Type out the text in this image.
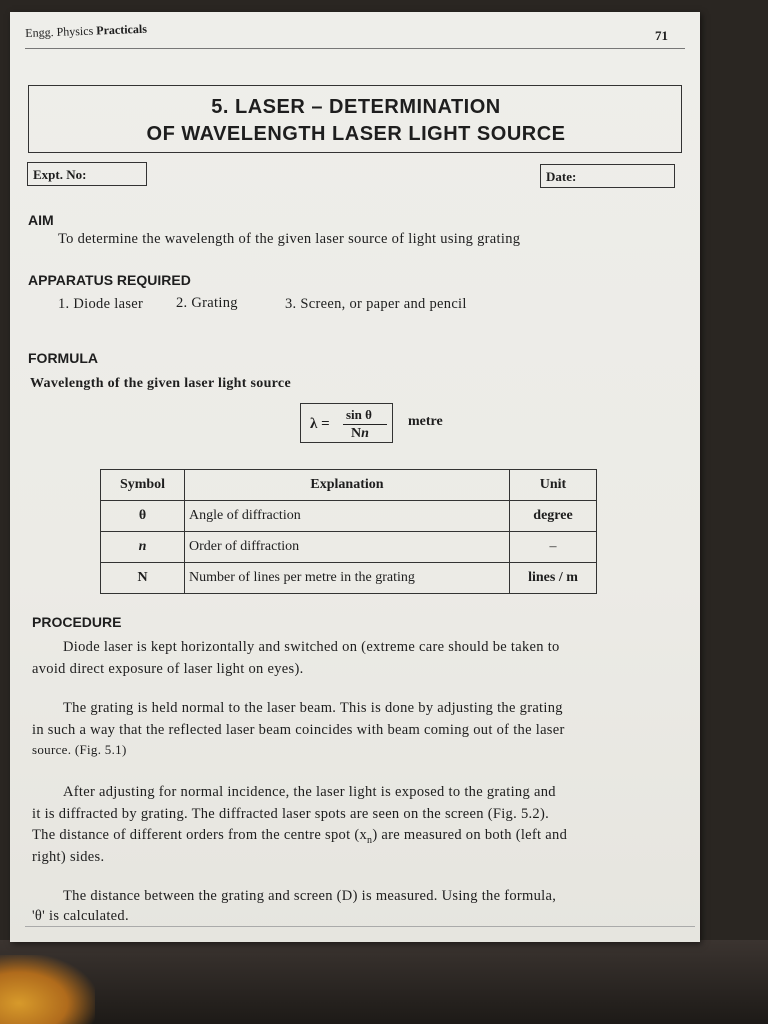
Engg. Physics Practicals	71
5. LASER – DETERMINATION
OF WAVELENGTH LASER LIGHT SOURCE
Expt. No:	Date:
AIM
To determine the wavelength of the given laser source of light using grating
APPARATUS REQUIRED
1. Diode laser 2. Grating	3. Screen, or paper and pencil
FORMULA
Wavelength of the given laser light source
λ =
sin θ
Nn
metre
Symbol	Explanation	Unit
θ	Angle of diffraction	degree
n	Order of diffraction	–
N	Number of lines per metre in the grating	lines / m
PROCEDURE
Diode laser is kept horizontally and switched on (extreme care should be taken to
avoid direct exposure of laser light on eyes).
The grating is held normal to the laser beam. This is done by adjusting the grating
in such a way that the reflected laser beam coincides with beam coming out of the laser
source. (Fig. 5.1)
After adjusting for normal incidence, the laser light is exposed to the grating and
it is diffracted by grating. The diffracted laser spots are seen on the screen (Fig. 5.2).
The distance of different orders from the centre spot $(x_n)$ are measured on both (left and
right) sides.
The distance between the grating and screen (D) is measured. Using the formula,
'θ' is calculated.
